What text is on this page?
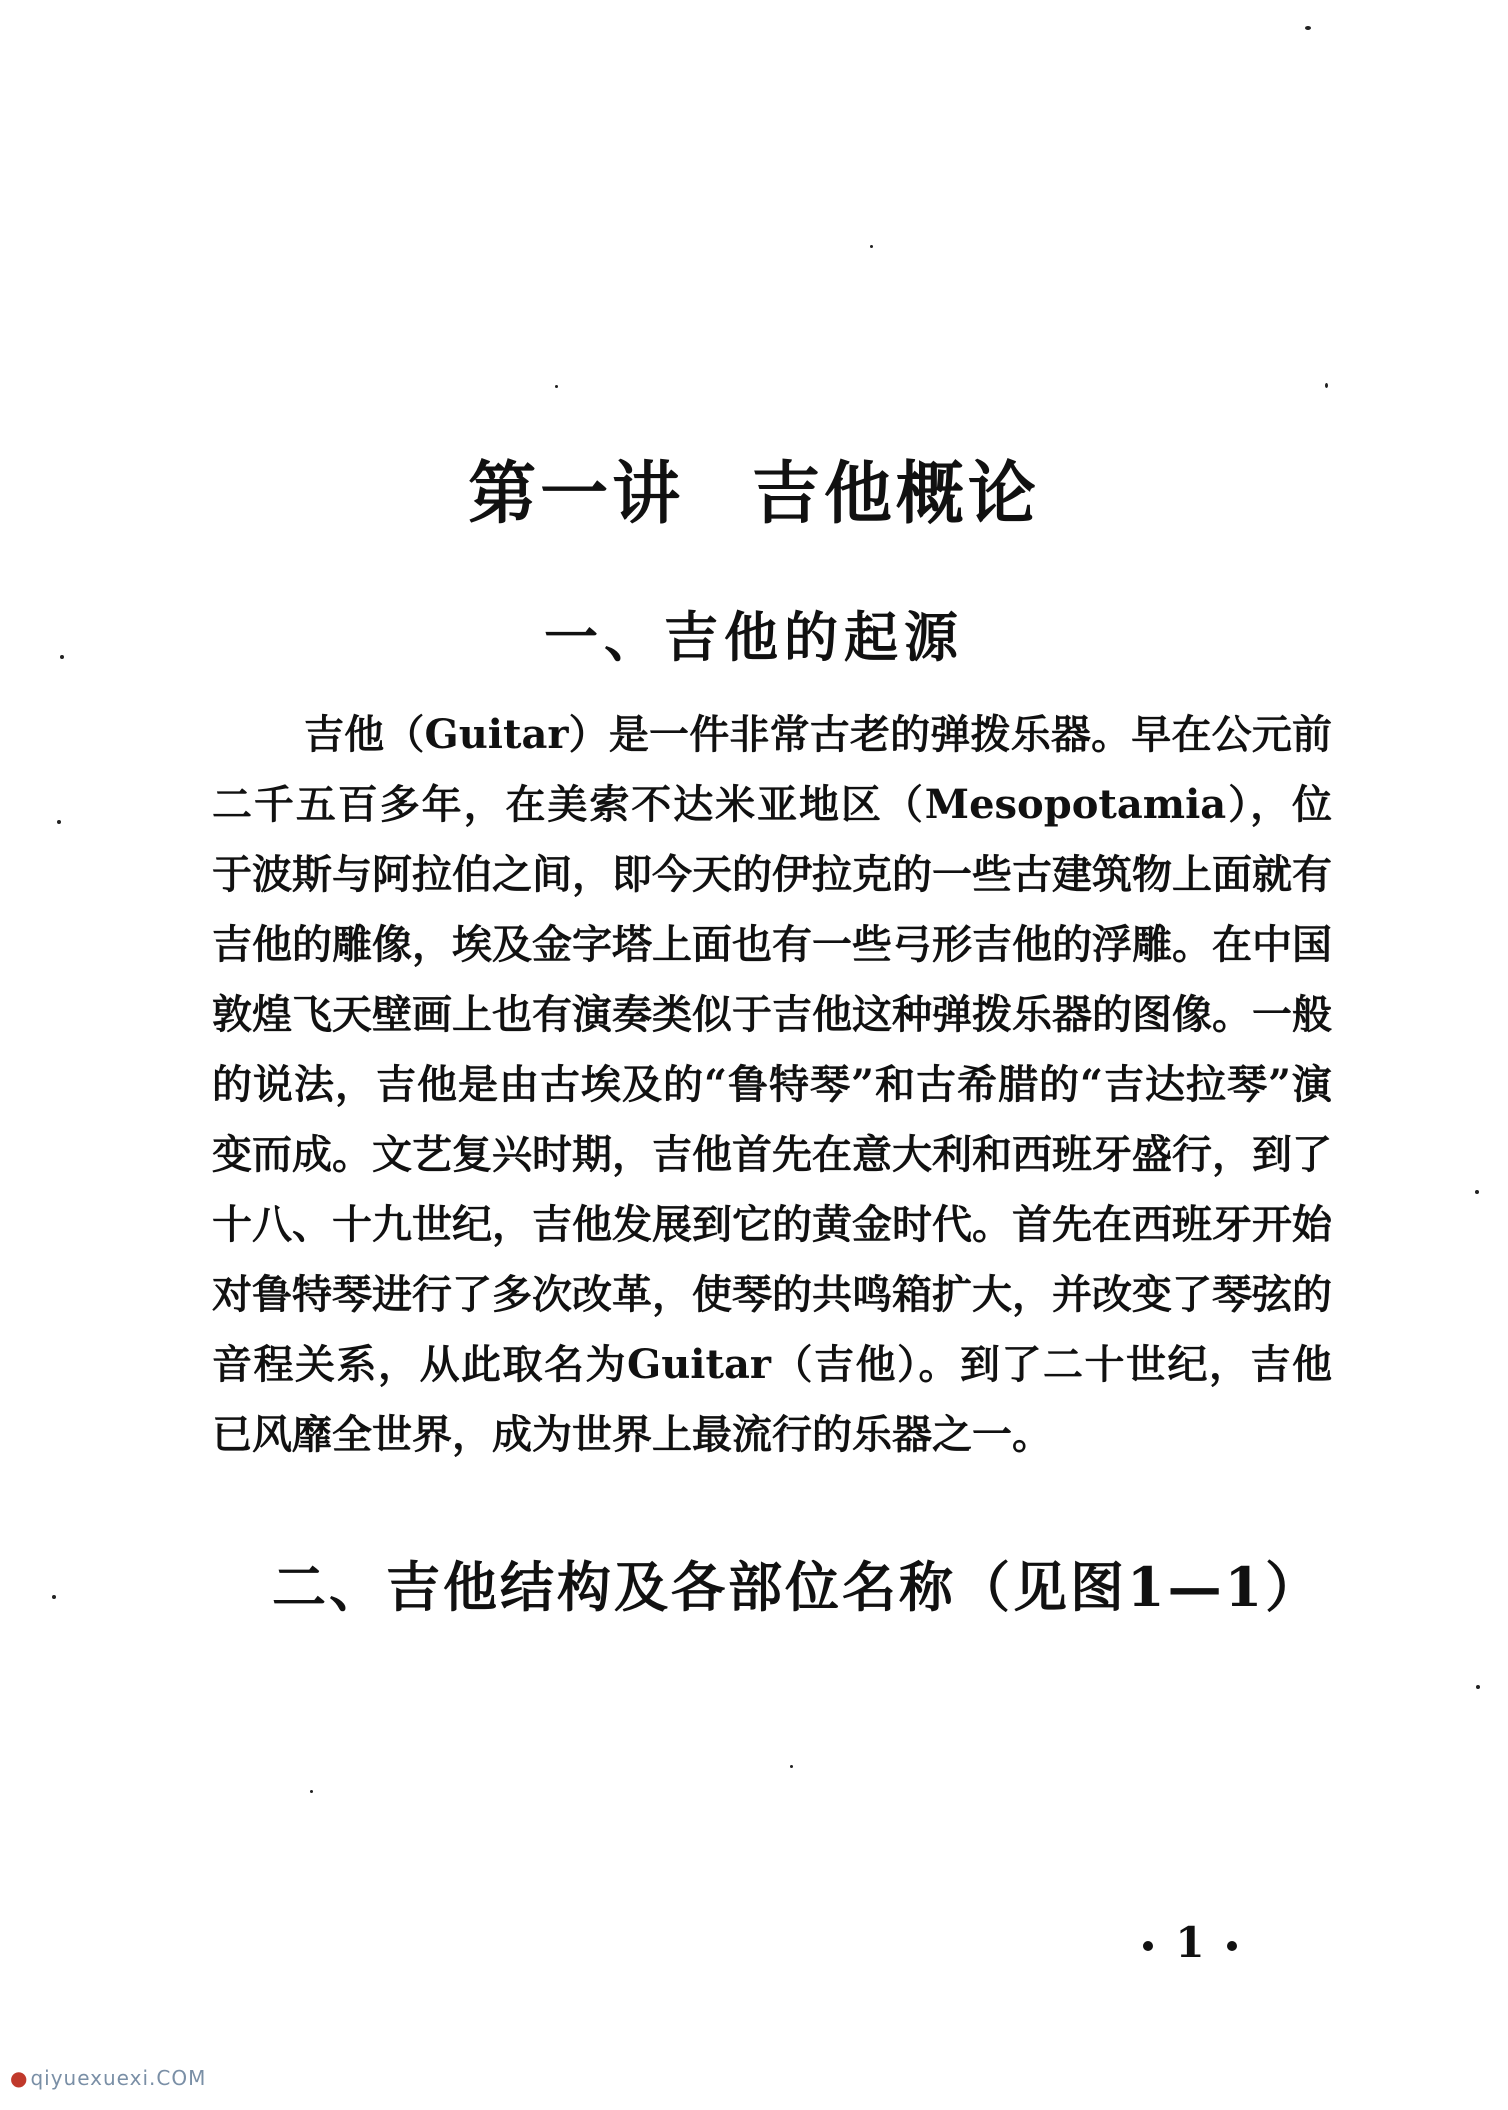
第一讲 吉他概论
一、吉他的起源

吉他（Guitar）是一件非常古老的弹拨乐器。早在公元前二千五百多年，在美索不达米亚地区（Mesopotamia），位于波斯与阿拉伯之间，即今天的伊拉克的一些古建筑物上面就有吉他的雕像，埃及金字塔上面也有一些弓形吉他的浮雕。在中国敦煌飞天壁画上也有演奏类似于吉他这种弹拨乐器的图像。一般的说法，吉他是由古埃及的“鲁特琴”和古希腊的“吉达拉琴”演变而成。文艺复兴时期，吉他首先在意大利和西班牙盛行，到了十八、十九世纪，吉他发展到它的黄金时代。首先在西班牙开始对鲁特琴进行了多次改革，使琴的共鸣箱扩大，并改变了琴弦的音程关系，从此取名为Guitar（吉他）。到了二十世纪，吉他已风靡全世界，成为世界上最流行的乐器之一。

二、吉他结构及各部位名称（见图1—1）
1
● qiyuexuexi.COM
